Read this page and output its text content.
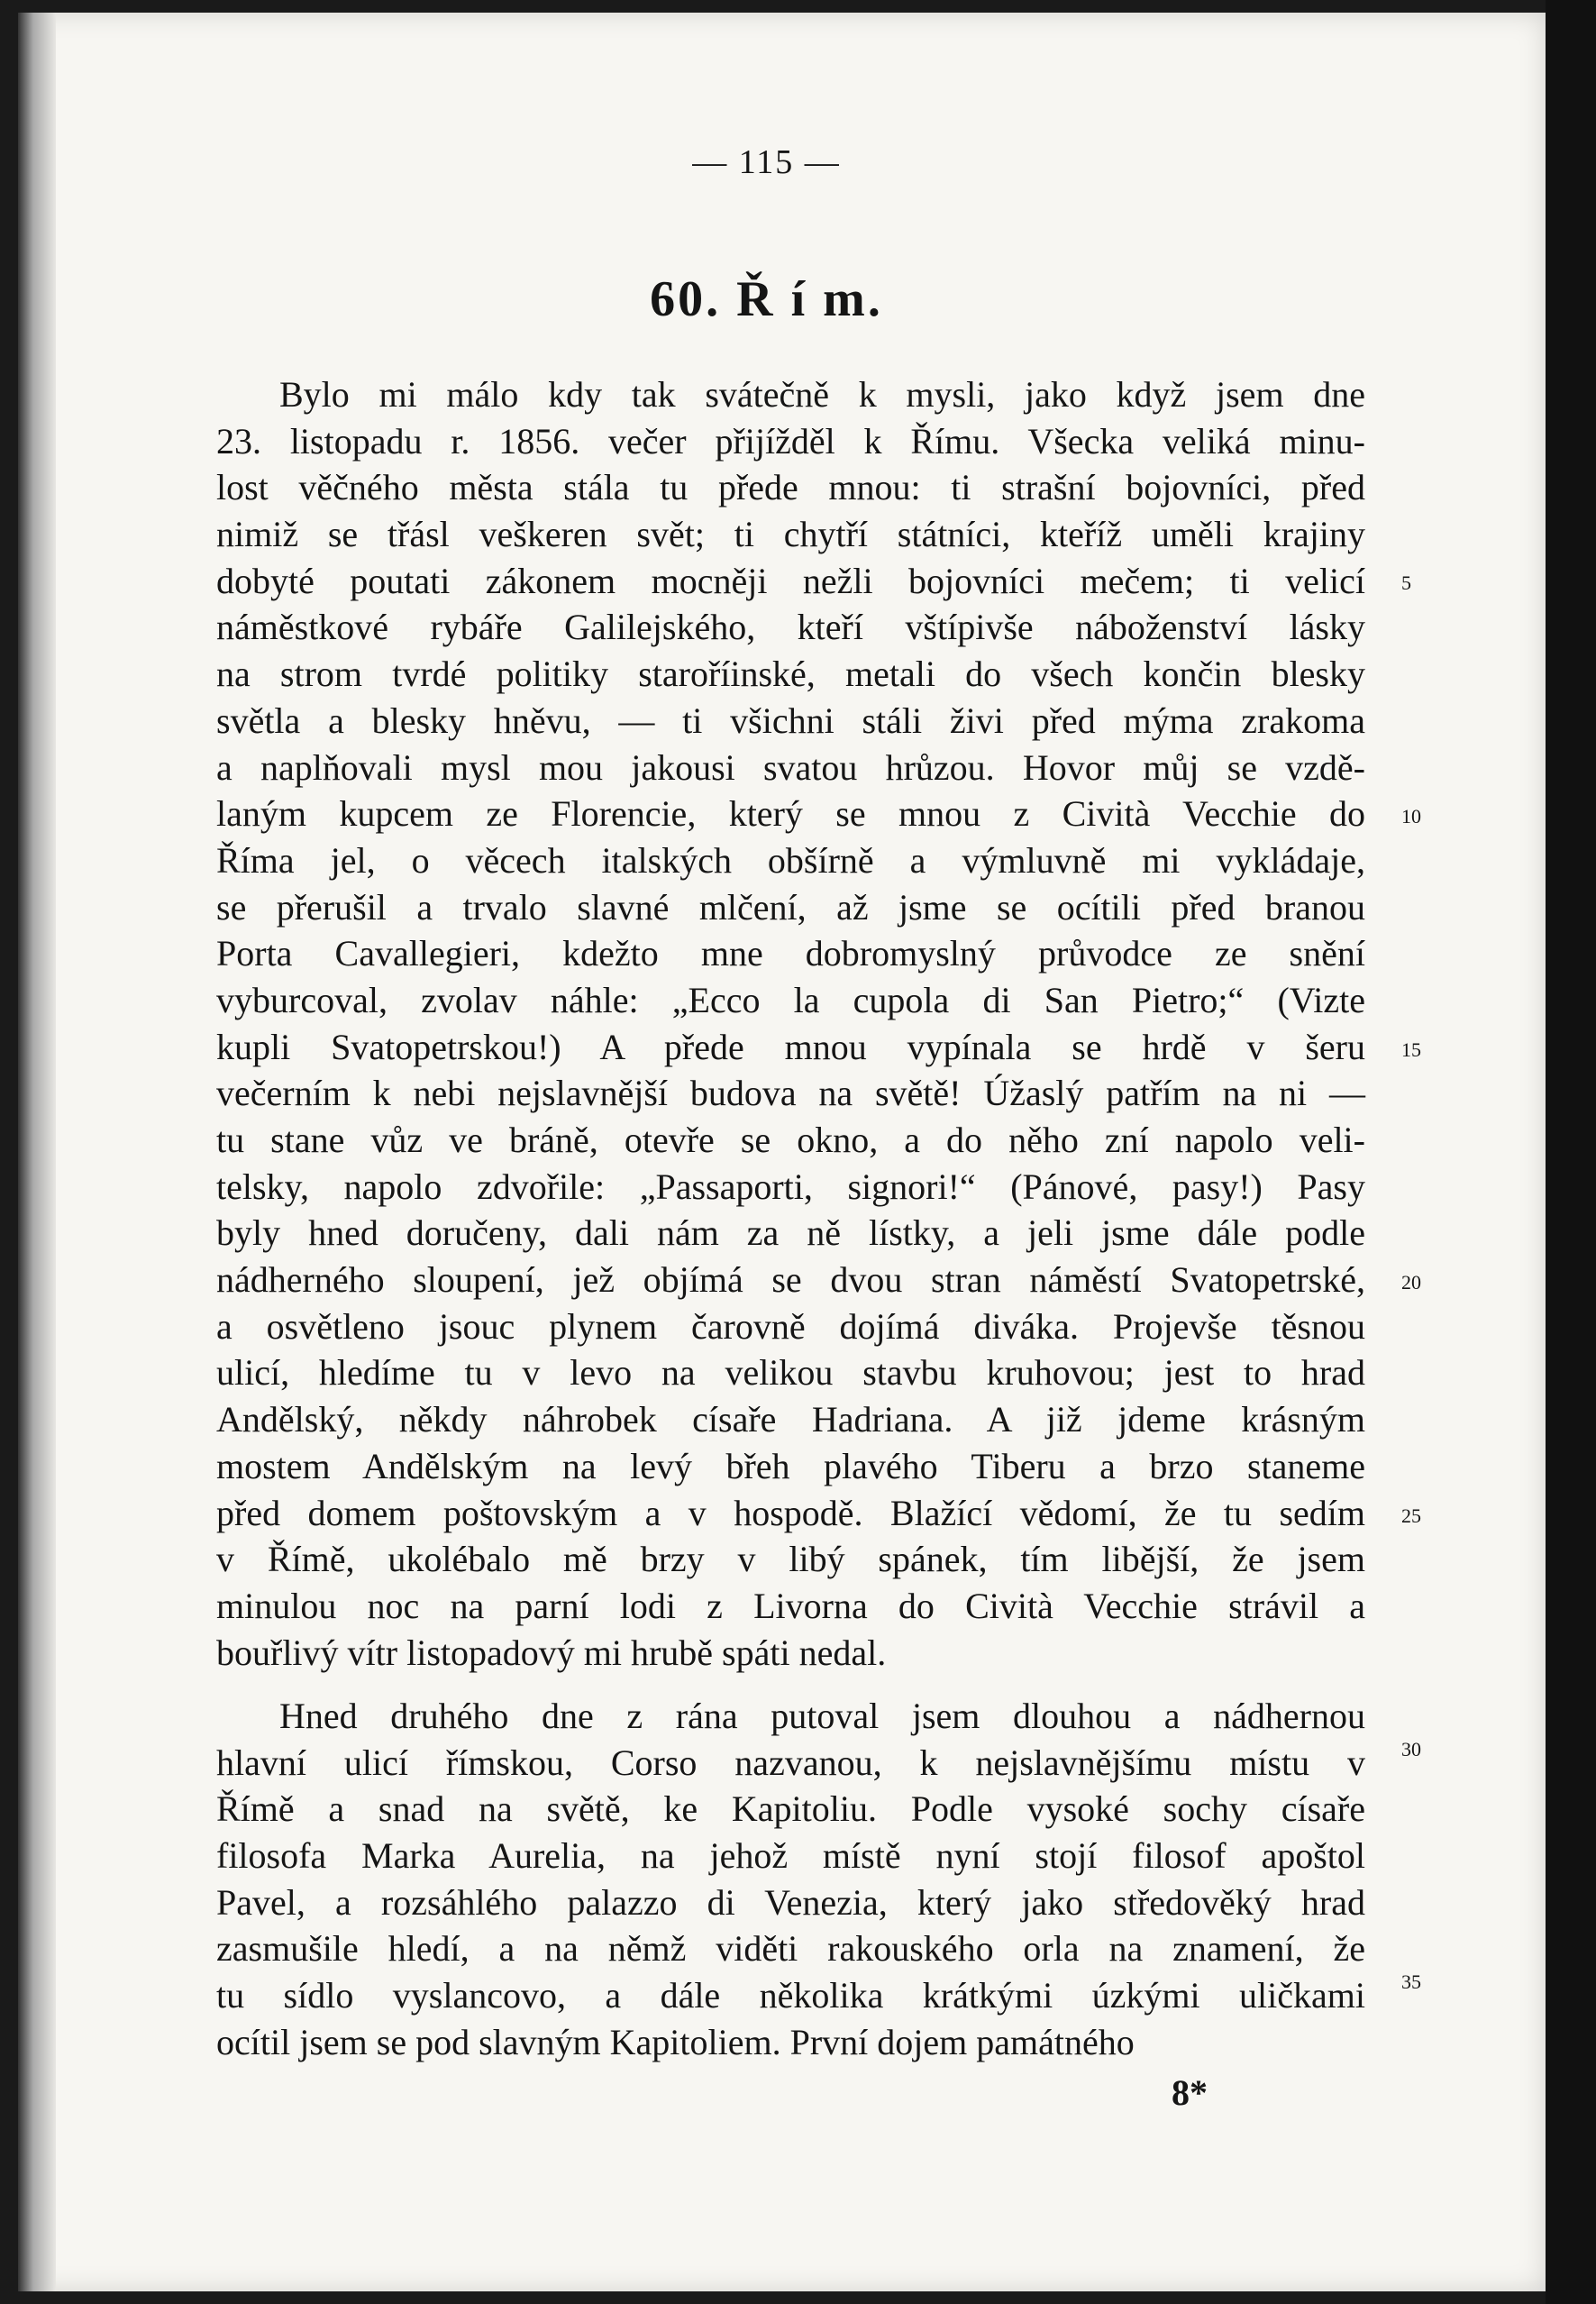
— 115 —
60. Ř í m.
Bylo mi málo kdy tak svátečně k mysli, jako když jsem dne
23. listopadu r. 1856. večer přijížděl k Římu. Všecka veliká minu-
lost věčného města stála tu přede mnou: ti strašní bojovníci, před
nimiž se třásl veškeren svět; ti chytří státníci, kteříž uměli krajiny
dobyté poutati zákonem mocněji nežli bojovníci mečem; ti velicí
náměstkové rybáře Galilejského, kteří vštípivše náboženství lásky
na strom tvrdé politiky staroříinské, metali do všech končin blesky
světla a blesky hněvu, — ti všichni stáli živi před mýma zrakoma
a naplňovali mysl mou jakousi svatou hrůzou. Hovor můj se vzdě-
laným kupcem ze Florencie, který se mnou z Cività Vecchie do
Říma jel, o věcech italských obšírně a výmluvně mi vykládaje,
se přerušil a trvalo slavné mlčení, až jsme se ocítili před branou
Porta Cavallegieri, kdežto mne dobromyslný průvodce ze snění
vyburcoval, zvolav náhle: „Ecco la cupola di San Pietro;“ (Vizte
kupli Svatopetrskou!) A přede mnou vypínala se hrdě v šeru
večerním k nebi nejslavnější budova na světě! Úžaslý patřím na ni —
tu stane vůz ve bráně, otevře se okno, a do něho zní napolo veli-
telsky, napolo zdvořile: „Passaporti, signori!“ (Pánové, pasy!) Pasy
byly hned doručeny, dali nám za ně lístky, a jeli jsme dále podle
nádherného sloupení, jež objímá se dvou stran náměstí Svatopetrské,
a osvětleno jsouc plynem čarovně dojímá diváka. Projevše těsnou
ulicí, hledíme tu v levo na velikou stavbu kruhovou; jest to hrad
Andělský, někdy náhrobek císaře Hadriana. A již jdeme krásným
mostem Andělským na levý břeh plavého Tiberu a brzo staneme
před domem poštovským a v hospodě. Blažící vědomí, že tu sedím
v Římě, ukolébalo mě brzy v libý spánek, tím libější, že jsem
minulou noc na parní lodi z Livorna do Cività Vecchie strávil a
bouřlivý vítr listopadový mi hrubě spáti nedal.
Hned druhého dne z rána putoval jsem dlouhou a nádhernou
hlavní ulicí římskou, Corso nazvanou, k nejslavnějšímu místu v
Římě a snad na světě, ke Kapitoliu. Podle vysoké sochy císaře
filosofa Marka Aurelia, na jehož místě nyní stojí filosof apoštol
Pavel, a rozsáhlého palazzo di Venezia, který jako středověký hrad
zasmušile hledí, a na němž viděti rakouského orla na znamení, že
tu sídlo vyslancovo, a dále několika krátkými úzkými uličkami
ocítil jsem se pod slavným Kapitoliem. První dojem památného
5
10
15
20
25
30
35
8*
